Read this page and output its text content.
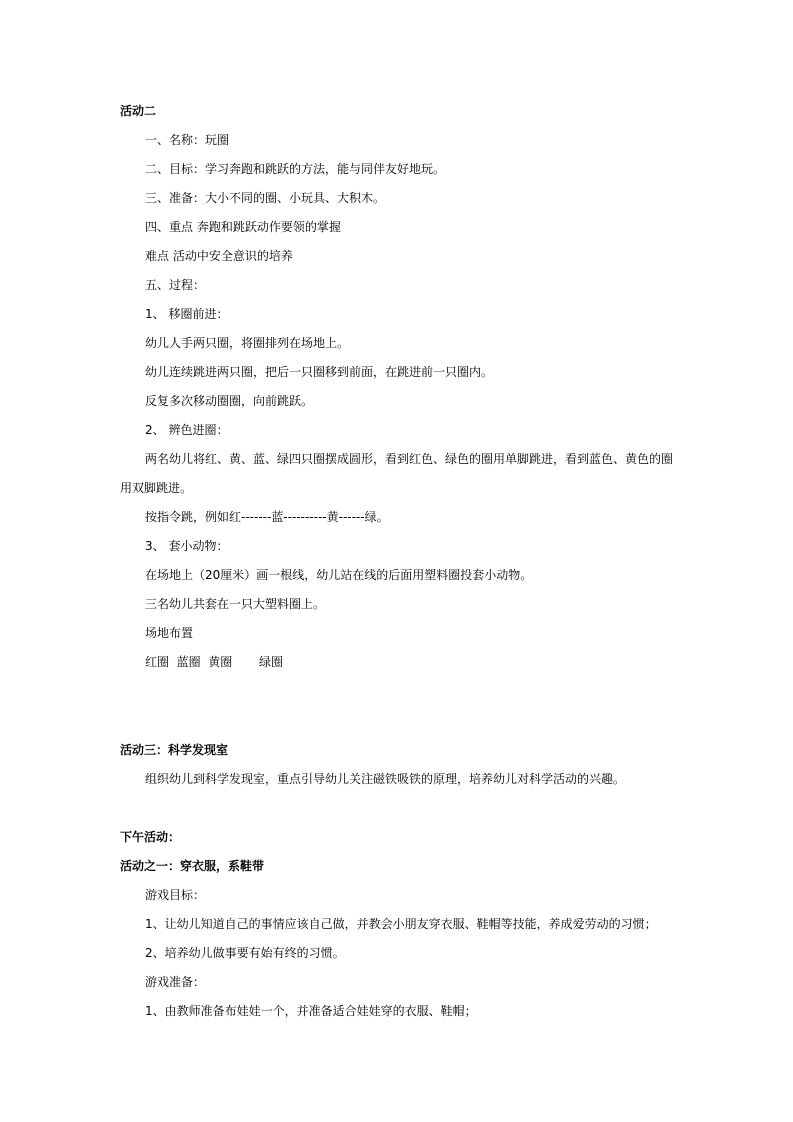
活动二
一、名称：玩圈
二、目标：学习奔跑和跳跃的方法，能与同伴友好地玩。
三、准备：大小不同的圈、小玩具、大积木。
四、重点 奔跑和跳跃动作要领的掌握
难点 活动中安全意识的培养
五、过程：
1、 移圈前进：
幼儿人手两只圈，将圈排列在场地上。
幼儿连续跳进两只圈，把后一只圈移到前面，在跳进前一只圈内。
反复多次移动圈圈，向前跳跃。
2、 辨色进圈：
两名幼儿将红、黄、蓝、绿四只圈摆成圆形，看到红色、绿色的圈用单脚跳进，看到蓝色、黄色的圈
用双脚跳进。
按指令跳，例如红-------蓝----------黄------绿。
3、 套小动物：
在场地上（20厘米）画一根线，幼儿站在线的后面用塑料圈投套小动物。
三名幼儿共套在一只大塑料圈上。
场地布置
红圈  蓝圈  黄圈       绿圈
活动三：科学发现室
组织幼儿到科学发现室，重点引导幼儿关注磁铁吸铁的原理，培养幼儿对科学活动的兴趣。
下午活动：
活动之一：穿衣服，系鞋带
游戏目标：
1、让幼儿知道自己的事情应该自己做，并教会小朋友穿衣服、鞋帽等技能，养成爱劳动的习惯；
2、培养幼儿做事要有始有终的习惯。
游戏准备：
1、由教师准备布娃娃一个，并准备适合娃娃穿的衣服、鞋帽；
